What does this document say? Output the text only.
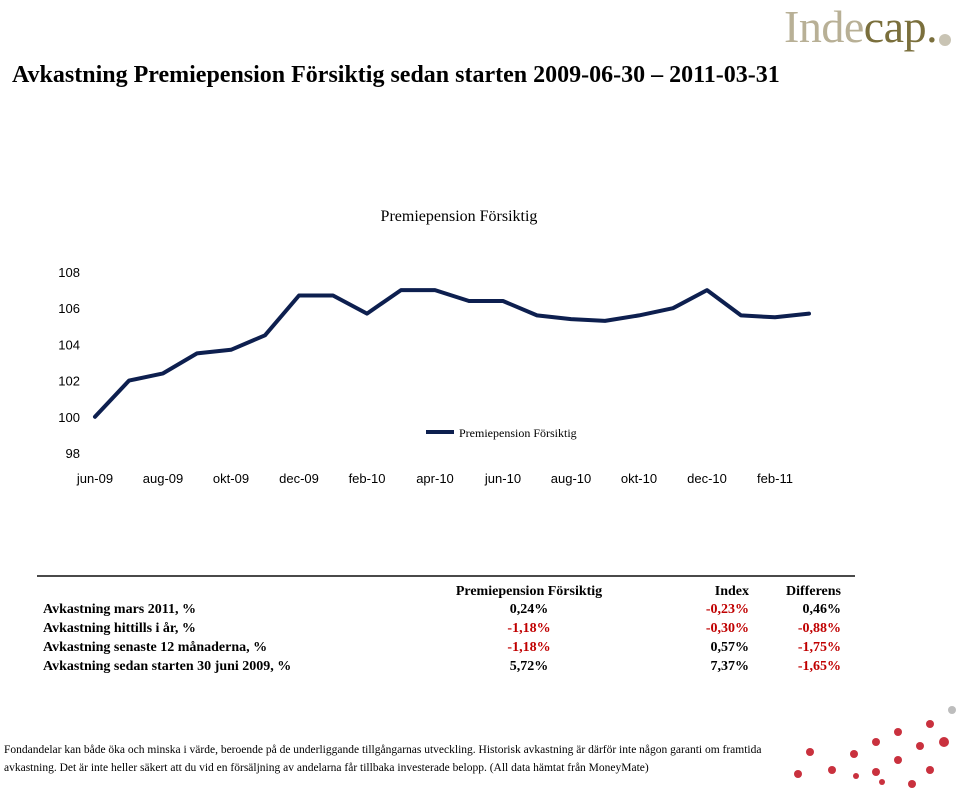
Indecap.
Avkastning Premiepension Försiktig sedan starten 2009-06-30 – 2011-03-31
Premiepension Försiktig
98
100
102
104
106
108
jun-09 aug-09 okt-09 dec-09 feb-10 apr-10 jun-10 aug-10 okt-10 dec-10 feb-11
Premiepension Försiktig
	Premiepension Försiktig	Index	Differens
Avkastning mars 2011, %	0,24%	-0,23%	0,46%
Avkastning hittills i år, %	-1,18%	-0,30%	-0,88%
Avkastning senaste 12 månaderna, %	-1,18%	0,57%	-1,75%
Avkastning sedan starten 30 juni 2009, %	5,72%	7,37%	-1,65%
Fondandelar kan både öka och minska i värde, beroende på de underliggande tillgångarnas utveckling. Historisk avkastning är därför inte någon garanti om framtida avkastning. Det är inte heller säkert att du vid en försäljning av andelarna får tillbaka investerade belopp. (All data hämtat från MoneyMate)
